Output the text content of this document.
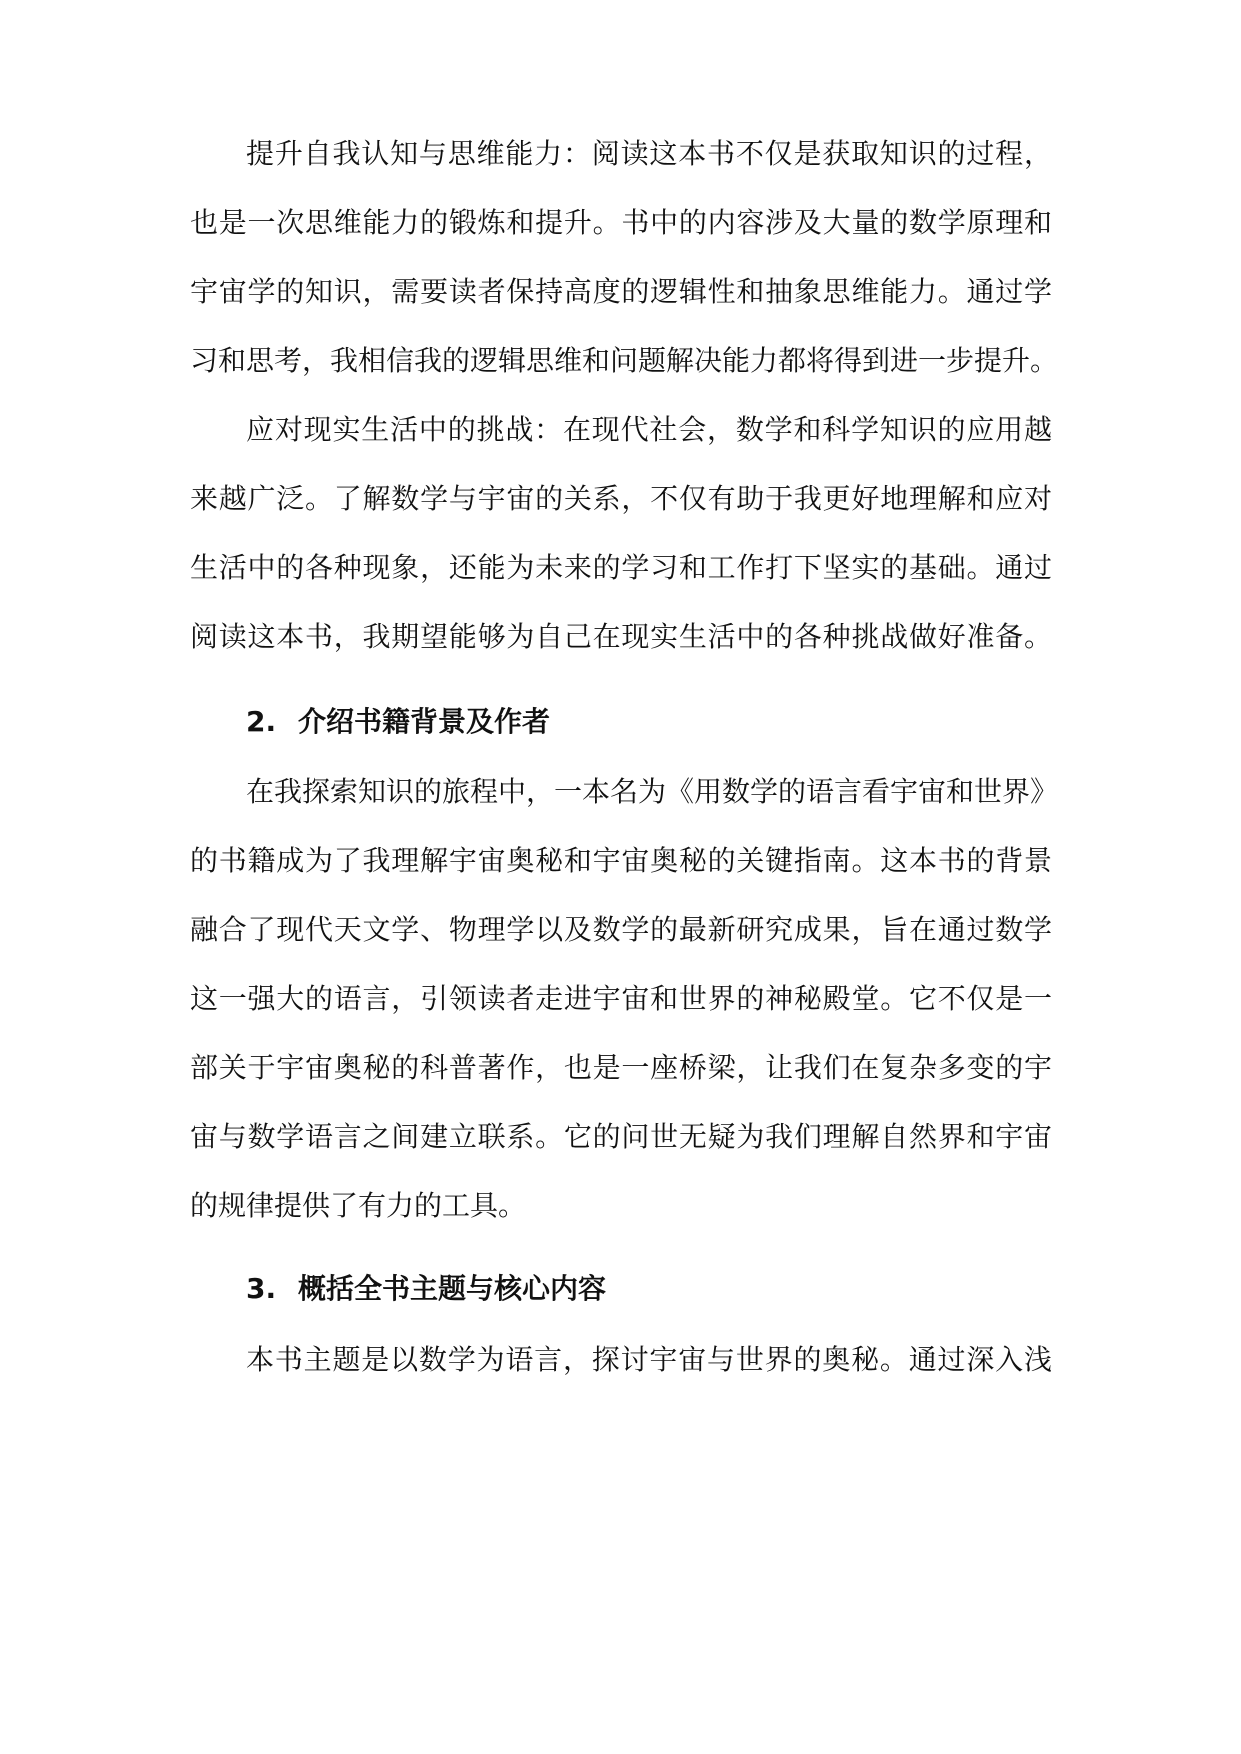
提升自我认知与思维能力：阅读这本书不仅是获取知识的过程，
也是一次思维能力的锻炼和提升。书中的内容涉及大量的数学原理和
宇宙学的知识，需要读者保持高度的逻辑性和抽象思维能力。通过学
习和思考，我相信我的逻辑思维和问题解决能力都将得到进一步提升。
应对现实生活中的挑战：在现代社会，数学和科学知识的应用越
来越广泛。了解数学与宇宙的关系，不仅有助于我更好地理解和应对
生活中的各种现象，还能为未来的学习和工作打下坚实的基础。通过
阅读这本书，我期望能够为自己在现实生活中的各种挑战做好准备。
2. 介绍书籍背景及作者
在我探索知识的旅程中，一本名为《用数学的语言看宇宙和世界》
的书籍成为了我理解宇宙奥秘和宇宙奥秘的关键指南。这本书的背景
融合了现代天文学、物理学以及数学的最新研究成果，旨在通过数学
这一强大的语言，引领读者走进宇宙和世界的神秘殿堂。它不仅是一
部关于宇宙奥秘的科普著作，也是一座桥梁，让我们在复杂多变的宇
宙与数学语言之间建立联系。它的问世无疑为我们理解自然界和宇宙
的规律提供了有力的工具。
3. 概括全书主题与核心内容
本书主题是以数学为语言，探讨宇宙与世界的奥秘。通过深入浅
